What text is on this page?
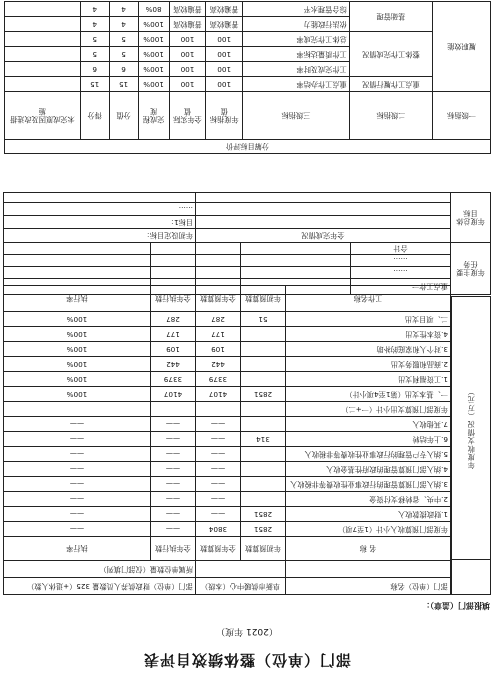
部门（单位）整体绩效自评表
（2021 年度）
填报部门（盖章）：

年度收支情况（万元）
部门（单位）名称	阜新市供暖中心（本级）		部门（单位）财政供养人员数量 325（+退休人数）	
			所属单位数量（仅部门填列）	
名 称	年初预算数	全年预算数	全年执行数	执行率
年度部门预算收入小计（1至7项）	2851	3804	——	——
1.财政拨款收入	2851	——	——	——
2.中央、省转移支付资金		——	——	——
3.纳入部门预算管理的行政事业性收费等非税收入		——	——	——
4.纳入部门预算管理的政府性基金收入		——	——	——
5.纳入专户管理的行政事业性收费等非税收入		——	——	——
6.上年结转	314	——	——	——
7.其他收入		——	——	——
年度部门预算支出小计（一+二）				
一、基本支出（第1至4项小计）	2851	4107	4107	100%
1.工资福利支出		3379	3379	100%
2.商品和服务支出		442	442	100%
3.对个人和家庭的补助		109	109	100%
4.资本性支出		177	177	100%
二、项目支出	51	287	287	100%
工作名称	年初预算数	全年预算数	全年执行数	执行率
年度主要任务	重点工作一				
	……				
	……				
	合计				
年度总体目标	全年完成情况			年初设定目标：	
				目标1：	
				……	

分解目标评价								
一级指标	二级指标	三级指标	年度指标值	全年实际值	完成程度	分值	得分	未完成原因及改进措施
履职效能	重点工作履行情况	重点工作办结率	100	100	100%	15	15	
	整体工作完成情况	工作完成及时率	100	100	100%	6	6	
		工作质量达标率	100	100	100%	5	5	
		总体工作完成率	100	100	100%	5	5	
	基础管理	依法行政能力	普遍较高	普遍较高	100%	4	4	
		综合管理水平	普遍较高	普遍较高	80%	4	4	
